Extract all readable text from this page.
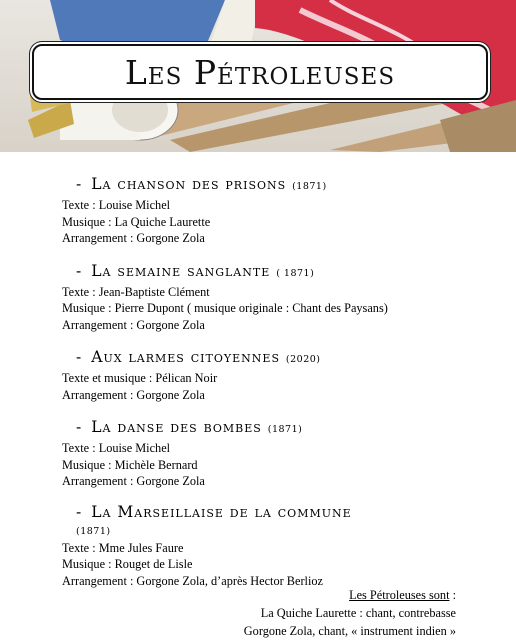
Les Pétroleuses
- La chanson des prisons (1871)
Texte : Louise Michel
Musique : La Quiche Laurette
Arrangement : Gorgone Zola
- La semaine sanglante ( 1871)
Texte : Jean-Baptiste Clément
Musique : Pierre Dupont ( musique originale : Chant des Paysans)
Arrangement : Gorgone Zola
- Aux larmes citoyennes (2020)
Texte et musique : Pélican Noir
Arrangement : Gorgone Zola
- La danse des bombes (1871)
Texte : Louise Michel
Musique : Michèle Bernard
Arrangement : Gorgone Zola
- La Marseillaise de la commune
(1871)
Texte : Mme Jules Faure
Musique : Rouget de Lisle
Arrangement : Gorgone Zola, d’après Hector Berlioz
Les Pétroleuses sont :
La Quiche Laurette : chant, contrebasse
Gorgone Zola, chant, « instrument indien »
